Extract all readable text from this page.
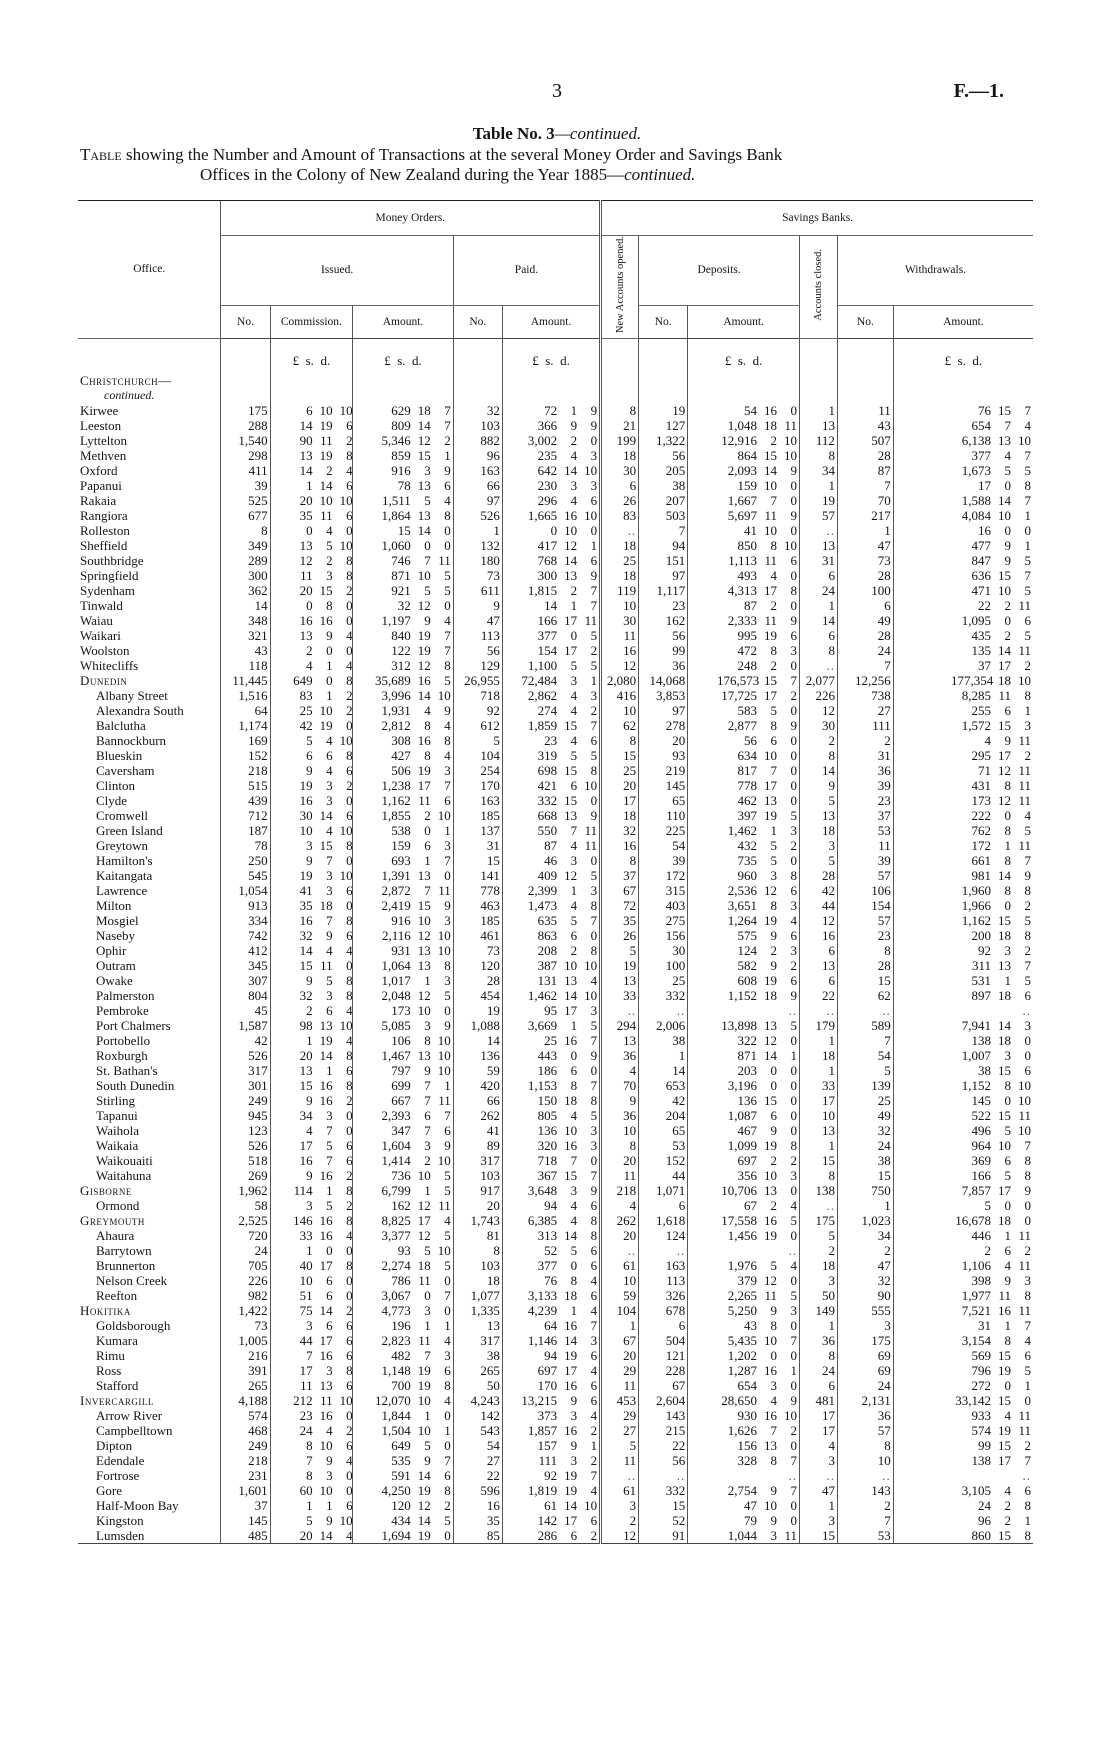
3	F.—1.
Table No. 3—continued.
Table showing the Number and Amount of Transactions at the several Money Order and Savings Bank
Offices in the Colony of New Zealand during the Year 1885—continued.
Office.	Money Orders.					Savings Banks.					
	Issued.			Paid.		New Accounts opened.	Deposits.		Accounts closed.	Withdrawals.	
	No.	Commission.	Amount.	No.	Amount.		No.	Amount.		No.	Amount.
		£ s. d.	£ s. d.		£ s. d.			£ s. d.			£ s. d.
Christchurch—											
continued.											
Kirwee	175	6 10 10	629 18 7	32	72 1 9	8	19	54 16 0	1	11	76 15 7
Leeston	288	14 19 6	809 14 7	103	366 9 9	21	127	1,048 18 11	13	43	654 7 4
Lyttelton	1,540	90 11 2	5,346 12 2	882	3,002 2 0	199	1,322	12,916 2 10	112	507	6,138 13 10
Methven	298	13 19 8	859 15 1	96	235 4 3	18	56	864 15 10	8	28	377 4 7
Oxford	411	14 2 4	916 3 9	163	642 14 10	30	205	2,093 14 9	34	87	1,673 5 5
Papanui	39	1 14 6	78 13 6	66	230 3 3	6	38	159 10 0	1	7	17 0 8
Rakaia	525	20 10 10	1,511 5 4	97	296 4 6	26	207	1,667 7 0	19	70	1,588 14 7
Rangiora	677	35 11 6	1,864 13 8	526	1,665 16 10	83	503	5,697 11 9	57	217	4,084 10 1
Rolleston	8	0 4 0	15 14 0	1	0 10 0	..	7	41 10 0	..	1	16 0 0
Sheffield	349	13 5 10	1,060 0 0	132	417 12 1	18	94	850 8 10	13	47	477 9 1
Southbridge	289	12 2 8	746 7 11	180	768 14 6	25	151	1,113 11 6	31	73	847 9 5
Springfield	300	11 3 8	871 10 5	73	300 13 9	18	97	493 4 0	6	28	636 15 7
Sydenham	362	20 15 2	921 5 5	611	1,815 2 7	119	1,117	4,313 17 8	24	100	471 10 5
Tinwald	14	0 8 0	32 12 0	9	14 1 7	10	23	87 2 0	1	6	22 2 11
Waiau	348	16 16 0	1,197 9 4	47	166 17 11	30	162	2,333 11 9	14	49	1,095 0 6
Waikari	321	13 9 4	840 19 7	113	377 0 5	11	56	995 19 6	6	28	435 2 5
Woolston	43	2 0 0	122 19 7	56	154 17 2	16	99	472 8 3	8	24	135 14 11
Whitecliffs	118	4 1 4	312 12 8	129	1,100 5 5	12	36	248 2 0	..	7	37 17 2
Dunedin	11,445	649 0 8	35,689 16 5	26,955	72,484 3 1	2,080	14,068	176,573 15 7	2,077	12,256	177,354 18 10
Albany Street	1,516	83 1 2	3,996 14 10	718	2,862 4 3	416	3,853	17,725 17 2	226	738	8,285 11 8
Alexandra South	64	25 10 2	1,931 4 9	92	274 4 2	10	97	583 5 0	12	27	255 6 1
Balclutha	1,174	42 19 0	2,812 8 4	612	1,859 15 7	62	278	2,877 8 9	30	111	1,572 15 3
Bannockburn	169	5 4 10	308 16 8	5	23 4 6	8	20	56 6 0	2	2	4 9 11
Blueskin	152	6 6 8	427 8 4	104	319 5 5	15	93	634 10 0	8	31	295 17 2
Caversham	218	9 4 6	506 19 3	254	698 15 8	25	219	817 7 0	14	36	71 12 11
Clinton	515	19 3 2	1,238 17 7	170	421 6 10	20	145	778 17 0	9	39	431 8 11
Clyde	439	16 3 0	1,162 11 6	163	332 15 0	17	65	462 13 0	5	23	173 12 11
Cromwell	712	30 14 6	1,855 2 10	185	668 13 9	18	110	397 19 5	13	37	222 0 4
Green Island	187	10 4 10	538 0 1	137	550 7 11	32	225	1,462 1 3	18	53	762 8 5
Greytown	78	3 15 8	159 6 3	31	87 4 11	16	54	432 5 2	3	11	172 1 11
Hamilton's	250	9 7 0	693 1 7	15	46 3 0	8	39	735 5 0	5	39	661 8 7
Kaitangata	545	19 3 10	1,391 13 0	141	409 12 5	37	172	960 3 8	28	57	981 14 9
Lawrence	1,054	41 3 6	2,872 7 11	778	2,399 1 3	67	315	2,536 12 6	42	106	1,960 8 8
Milton	913	35 18 0	2,419 15 9	463	1,473 4 8	72	403	3,651 8 3	44	154	1,966 0 2
Mosgiel	334	16 7 8	916 10 3	185	635 5 7	35	275	1,264 19 4	12	57	1,162 15 5
Naseby	742	32 9 6	2,116 12 10	461	863 6 0	26	156	575 9 6	16	23	200 18 8
Ophir	412	14 4 4	931 13 10	73	208 2 8	5	30	124 2 3	6	8	92 3 2
Outram	345	15 11 0	1,064 13 8	120	387 10 10	19	100	582 9 2	13	28	311 13 7
Owake	307	9 5 8	1,017 1 3	28	131 13 4	13	25	608 19 6	6	15	531 1 5
Palmerston	804	32 3 8	2,048 12 5	454	1,462 14 10	33	332	1,152 18 9	22	62	897 18 6
Pembroke	45	2 6 4	173 10 0	19	95 17 3	..	..	..	..	..	..
Port Chalmers	1,587	98 13 10	5,085 3 9	1,088	3,669 1 5	294	2,006	13,898 13 5	179	589	7,941 14 3
Portobello	42	1 19 4	106 8 10	14	25 16 7	13	38	322 12 0	1	7	138 18 0
Roxburgh	526	20 14 8	1,467 13 10	136	443 0 9	36	1	871 14 1	18	54	1,007 3 0
St. Bathan's	317	13 1 6	797 9 10	59	186 6 0	4	14	203 0 0	1	5	38 15 6
South Dunedin	301	15 16 8	699 7 1	420	1,153 8 7	70	653	3,196 0 0	33	139	1,152 8 10
Stirling	249	9 16 2	667 7 11	66	150 18 8	9	42	136 15 0	17	25	145 0 10
Tapanui	945	34 3 0	2,393 6 7	262	805 4 5	36	204	1,087 6 0	10	49	522 15 11
Waihola	123	4 7 0	347 7 6	41	136 10 3	10	65	467 9 0	13	32	496 5 10
Waikaia	526	17 5 6	1,604 3 9	89	320 16 3	8	53	1,099 19 8	1	24	964 10 7
Waikouaiti	518	16 7 6	1,414 2 10	317	718 7 0	20	152	697 2 2	15	38	369 6 8
Waitahuna	269	9 16 2	736 10 5	103	367 15 7	11	44	356 10 3	8	15	166 5 8
Gisborne	1,962	114 1 8	6,799 1 5	917	3,648 3 9	218	1,071	10,706 13 0	138	750	7,857 17 9
Ormond	58	3 5 2	162 12 11	20	94 4 6	4	6	67 2 4	..	1	5 0 0
Greymouth	2,525	146 16 8	8,825 17 4	1,743	6,385 4 8	262	1,618	17,558 16 5	175	1,023	16,678 18 0
Ahaura	720	33 16 4	3,377 12 5	81	313 14 8	20	124	1,456 19 0	5	34	446 1 11
Barrytown	24	1 0 0	93 5 10	8	52 5 6	..	..	..	2	2	2 6 2
Brunnerton	705	40 17 8	2,274 18 5	103	377 0 6	61	163	1,976 5 4	18	47	1,106 4 11
Nelson Creek	226	10 6 0	786 11 0	18	76 8 4	10	113	379 12 0	3	32	398 9 3
Reefton	982	51 6 0	3,067 0 7	1,077	3,133 18 6	59	326	2,265 11 5	50	90	1,977 11 8
Hokitika	1,422	75 14 2	4,773 3 0	1,335	4,239 1 4	104	678	5,250 9 3	149	555	7,521 16 11
Goldsborough	73	3 6 6	196 1 1	13	64 16 7	1	6	43 8 0	1	3	31 1 7
Kumara	1,005	44 17 6	2,823 11 4	317	1,146 14 3	67	504	5,435 10 7	36	175	3,154 8 4
Rimu	216	7 16 6	482 7 3	38	94 19 6	20	121	1,202 0 0	8	69	569 15 6
Ross	391	17 3 8	1,148 19 6	265	697 17 4	29	228	1,287 16 1	24	69	796 19 5
Stafford	265	11 13 6	700 19 8	50	170 16 6	11	67	654 3 0	6	24	272 0 1
Invercargill	4,188	212 11 10	12,070 10 4	4,243	13,215 9 6	453	2,604	28,650 4 9	481	2,131	33,142 15 0
Arrow River	574	23 16 0	1,844 1 0	142	373 3 4	29	143	930 16 10	17	36	933 4 11
Campbelltown	468	24 4 2	1,504 10 1	543	1,857 16 2	27	215	1,626 7 2	17	57	574 19 11
Dipton	249	8 10 6	649 5 0	54	157 9 1	5	22	156 13 0	4	8	99 15 2
Edendale	218	7 9 4	535 9 7	27	111 3 2	11	56	328 8 7	3	10	138 17 7
Fortrose	231	8 3 0	591 14 6	22	92 19 7	..	..	..	..	..	..
Gore	1,601	60 10 0	4,250 19 8	596	1,819 19 4	61	332	2,754 9 7	47	143	3,105 4 6
Half-Moon Bay	37	1 1 6	120 12 2	16	61 14 10	3	15	47 10 0	1	2	24 2 8
Kingston	145	5 9 10	434 14 5	35	142 17 6	2	52	79 9 0	3	7	96 2 1
Lumsden	485	20 14 4	1,694 19 0	85	286 6 2	12	91	1,044 3 11	15	53	860 15 8
